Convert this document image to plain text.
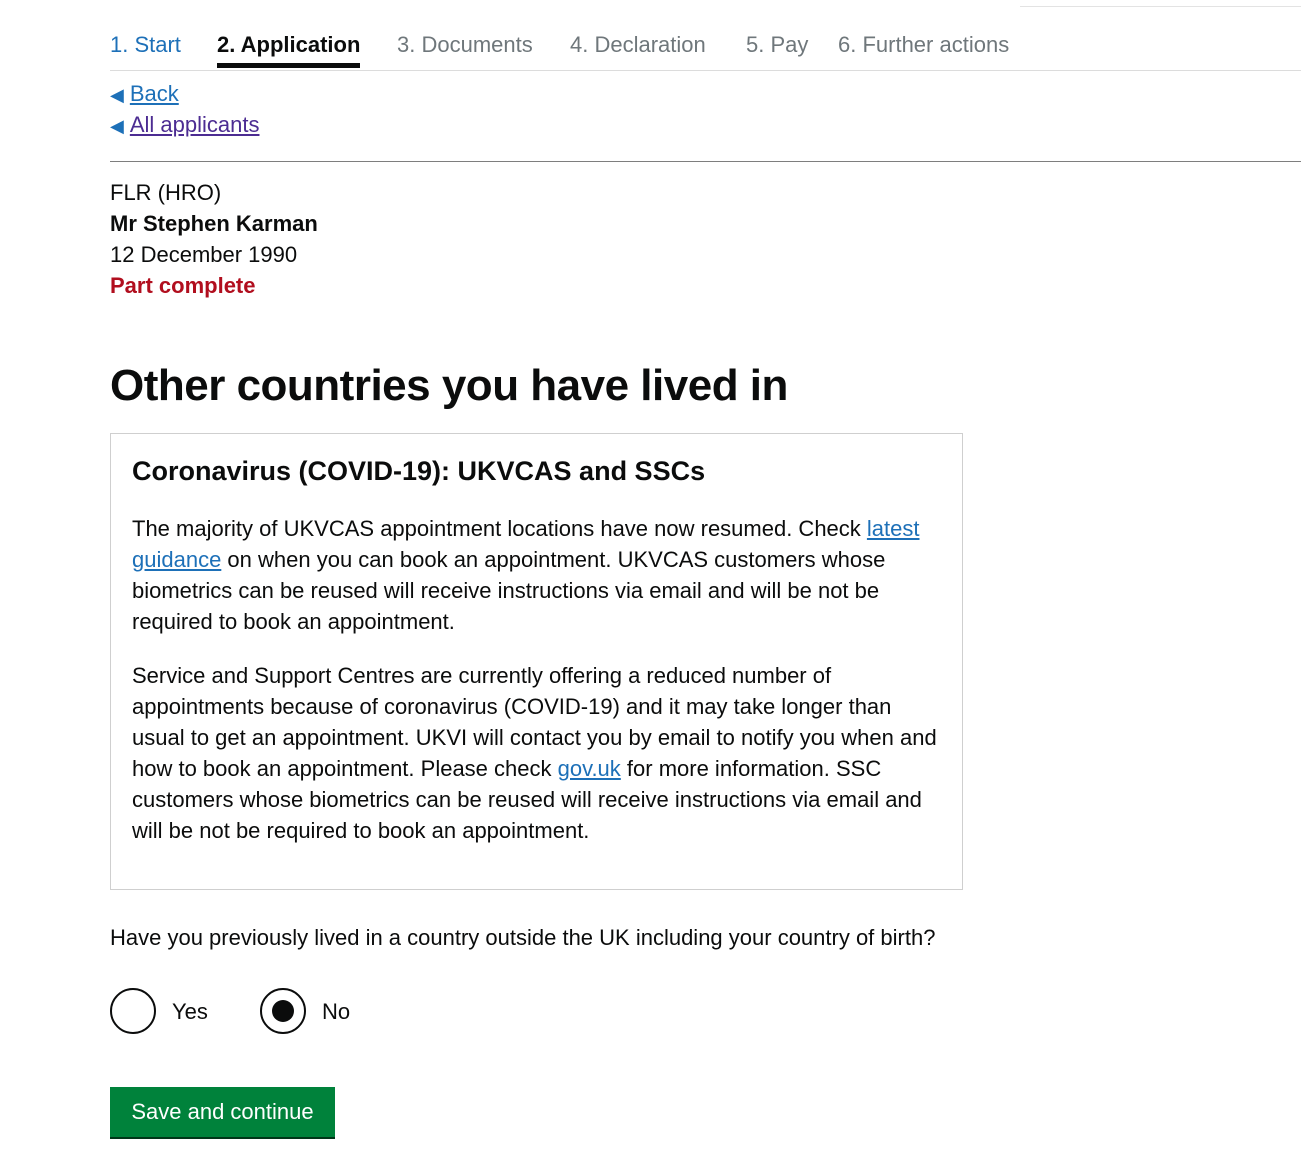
1. Start 2. Application 3. Documents 4. Declaration 5. Pay 6. Further actions
◀ Back
◀ All applicants
FLR (HRO)
Mr Stephen Karman
12 December 1990
Part complete
Other countries you have lived in
Coronavirus (COVID-19): UKVCAS and SSCs

The majority of UKVCAS appointment locations have now resumed. Check latest guidance on when you can book an appointment. UKVCAS customers whose biometrics can be reused will receive instructions via email and will be not be required to book an appointment.

Service and Support Centres are currently offering a reduced number of appointments because of coronavirus (COVID-19) and it may take longer than usual to get an appointment. UKVI will contact you by email to notify you when and how to book an appointment. Please check gov.uk for more information. SSC customers whose biometrics can be reused will receive instructions via email and will be not be required to book an appointment.

Have you previously lived in a country outside the UK including your country of birth?
Yes	No
Save and continue
